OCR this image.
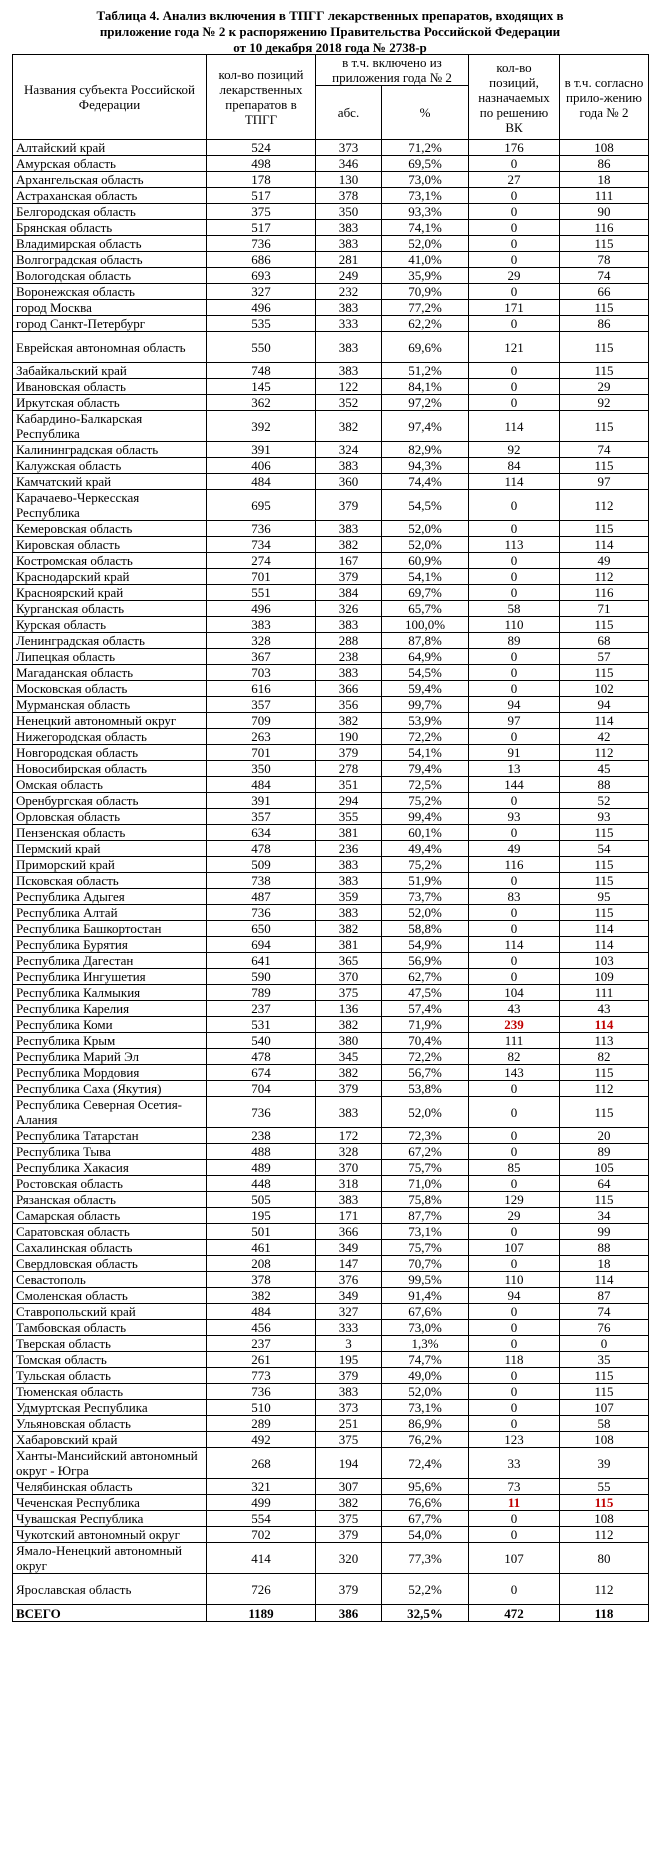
Таблица 4. Анализ включения в ТПГГ лекарственных препаратов, входящих в
приложение года № 2 к распоряжению Правительства Российской Федерации
от 10 декабря 2018 года № 2738-р
Названия субъекта Российской Федерации	кол-во позиций лекарственных препаратов в ТПГГ	в т.ч. включено из приложения года № 2		кол-во позиций, назначаемых по решению ВК	в т.ч. согласно прило-жению года № 2
		абс.	%		
Алтайский край	524	373	71,2%	176	108
Амурская область	498	346	69,5%	0	86
Архангельская область	178	130	73,0%	27	18
Астраханская область	517	378	73,1%	0	111
Белгородская область	375	350	93,3%	0	90
Брянская область	517	383	74,1%	0	116
Владимирская область	736	383	52,0%	0	115
Волгоградская область	686	281	41,0%	0	78
Вологодская область	693	249	35,9%	29	74
Воронежская область	327	232	70,9%	0	66
город Москва	496	383	77,2%	171	115
город Санкт-Петербург	535	333	62,2%	0	86
Еврейская автономная область	550	383	69,6%	121	115
Забайкальский край	748	383	51,2%	0	115
Ивановская область	145	122	84,1%	0	29
Иркутская область	362	352	97,2%	0	92
Кабардино-Балкарская Республика	392	382	97,4%	114	115
Калининградская область	391	324	82,9%	92	74
Калужская область	406	383	94,3%	84	115
Камчатский край	484	360	74,4%	114	97
Карачаево-Черкесская Республика	695	379	54,5%	0	112
Кемеровская область	736	383	52,0%	0	115
Кировская область	734	382	52,0%	113	114
Костромская область	274	167	60,9%	0	49
Краснодарский край	701	379	54,1%	0	112
Красноярский край	551	384	69,7%	0	116
Курганская область	496	326	65,7%	58	71
Курская область	383	383	100,0%	110	115
Ленинградская область	328	288	87,8%	89	68
Липецкая область	367	238	64,9%	0	57
Магаданская область	703	383	54,5%	0	115
Московская область	616	366	59,4%	0	102
Мурманская область	357	356	99,7%	94	94
Ненецкий автономный округ	709	382	53,9%	97	114
Нижегородская область	263	190	72,2%	0	42
Новгородская область	701	379	54,1%	91	112
Новосибирская область	350	278	79,4%	13	45
Омская область	484	351	72,5%	144	88
Оренбургская область	391	294	75,2%	0	52
Орловская область	357	355	99,4%	93	93
Пензенская область	634	381	60,1%	0	115
Пермский край	478	236	49,4%	49	54
Приморский край	509	383	75,2%	116	115
Псковская область	738	383	51,9%	0	115
Республика Адыгея	487	359	73,7%	83	95
Республика Алтай	736	383	52,0%	0	115
Республика Башкортостан	650	382	58,8%	0	114
Республика Бурятия	694	381	54,9%	114	114
Республика Дагестан	641	365	56,9%	0	103
Республика Ингушетия	590	370	62,7%	0	109
Республика Калмыкия	789	375	47,5%	104	111
Республика Карелия	237	136	57,4%	43	43
Республика Коми	531	382	71,9%	239	114
Республика Крым	540	380	70,4%	111	113
Республика Марий Эл	478	345	72,2%	82	82
Республика Мордовия	674	382	56,7%	143	115
Республика Саха (Якутия)	704	379	53,8%	0	112
Республика Северная Осетия-Алания	736	383	52,0%	0	115
Республика Татарстан	238	172	72,3%	0	20
Республика Тыва	488	328	67,2%	0	89
Республика Хакасия	489	370	75,7%	85	105
Ростовская область	448	318	71,0%	0	64
Рязанская область	505	383	75,8%	129	115
Самарская область	195	171	87,7%	29	34
Саратовская область	501	366	73,1%	0	99
Сахалинская область	461	349	75,7%	107	88
Свердловская область	208	147	70,7%	0	18
Севастополь	378	376	99,5%	110	114
Смоленская область	382	349	91,4%	94	87
Ставропольский край	484	327	67,6%	0	74
Тамбовская область	456	333	73,0%	0	76
Тверская область	237	3	1,3%	0	0
Томская область	261	195	74,7%	118	35
Тульская область	773	379	49,0%	0	115
Тюменская область	736	383	52,0%	0	115
Удмуртская Республика	510	373	73,1%	0	107
Ульяновская область	289	251	86,9%	0	58
Хабаровский край	492	375	76,2%	123	108
Ханты-Мансийский автономный округ - Югра	268	194	72,4%	33	39
Челябинская область	321	307	95,6%	73	55
Чеченская Республика	499	382	76,6%	11	115
Чувашская Республика	554	375	67,7%	0	108
Чукотский автономный округ	702	379	54,0%	0	112
Ямало-Ненецкий автономный округ	414	320	77,3%	107	80
Ярославская область	726	379	52,2%	0	112
ВСЕГО	1189	386	32,5%	472	118
